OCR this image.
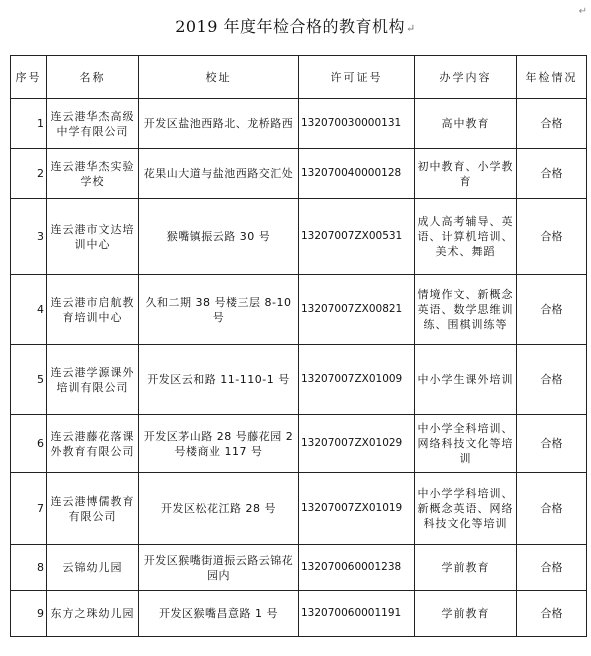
2019 年度年检合格的教育机构↵
↵
序号	名称	校址	许可证号	办学内容	年检情况
1	连云港华杰高级中学有限公司	开发区盐池西路北、龙桥路西	132070030000131	高中教育	合格
2	连云港华杰实验学校	花果山大道与盐池西路交汇处	132070040000128	初中教育、小学教育	合格
3	连云港市文达培训中心	猴嘴镇振云路 30 号	13207007ZX00531	成人高考辅导、英语、计算机培训、美术、舞蹈	合格
4	连云港市启航教育培训中心	久和二期 38 号楼三层 8-10 号	13207007ZX00821	情境作文、新概念英语、数学思维训练、围棋训练等	合格
5	连云港学源课外培训有限公司	开发区云和路 11-110-1 号	13207007ZX01009	中小学生课外培训	合格
6	连云港藤花落课外教育有限公司	开发区茅山路 28 号藤花园 2 号楼商业 117 号	13207007ZX01029	中小学全科培训、网络科技文化等培训	合格
7	连云港博儒教育有限公司	开发区松花江路 28 号	13207007ZX01019	中小学学科培训、新概念英语、网络科技文化等培训	合格
8	云锦幼儿园	开发区猴嘴街道振云路云锦花园内	132070060001238	学前教育	合格
9	东方之珠幼儿园	开发区猴嘴昌意路 1 号	132070060001191	学前教育	合格
